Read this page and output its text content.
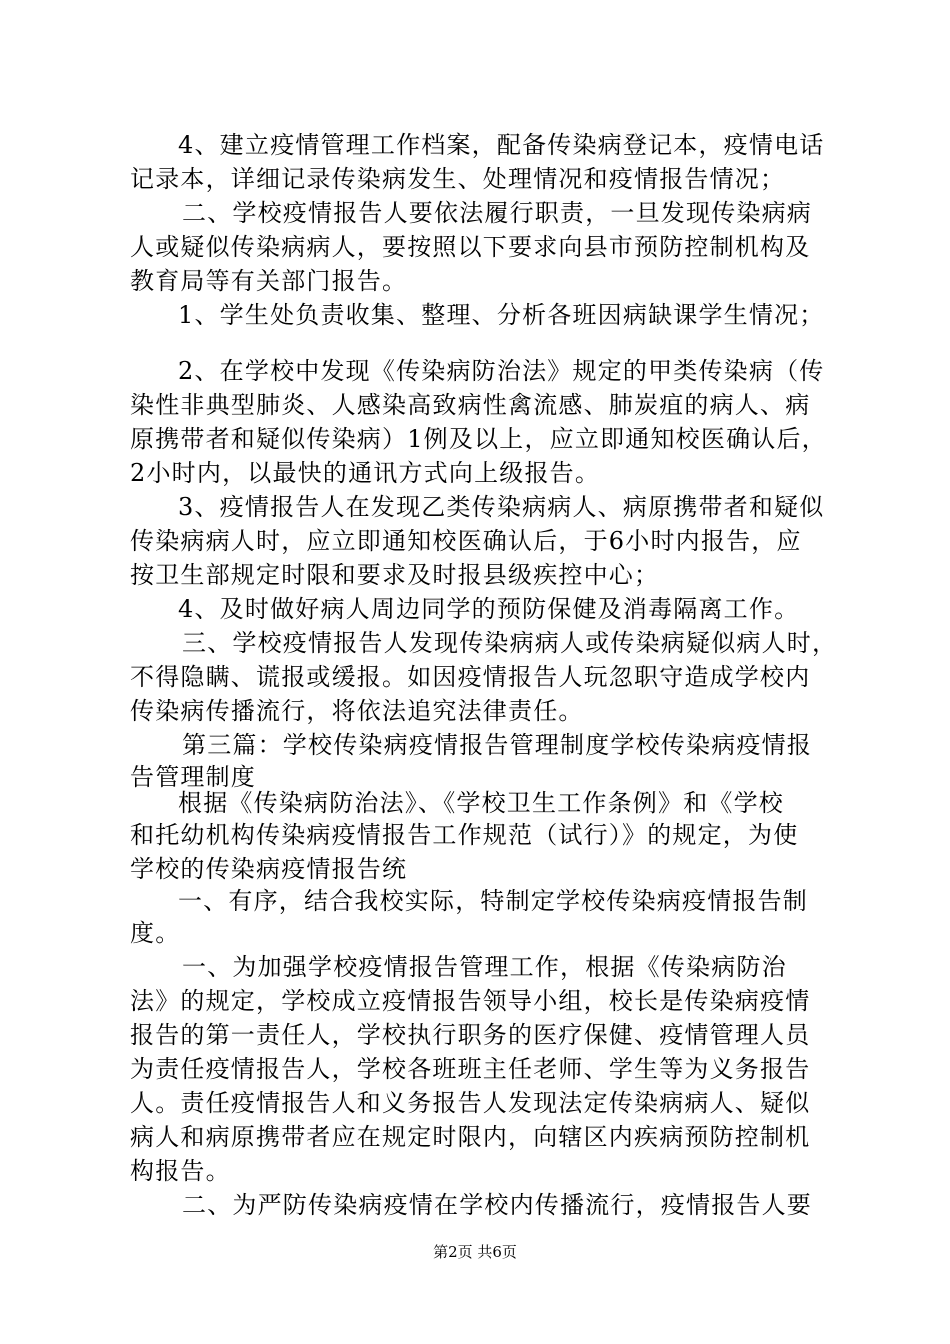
4、建立疫情管理工作档案，配备传染病登记本，疫情电话
记录本，详细记录传染病发生、处理情况和疫情报告情况；
二、学校疫情报告人要依法履行职责，一旦发现传染病病
人或疑似传染病病人，要按照以下要求向县市预防控制机构及
教育局等有关部门报告。
1、学生处负责收集、整理、分析各班因病缺课学生情况；
2、在学校中发现《传染病防治法》规定的甲类传染病（传
染性非典型肺炎、人感染高致病性禽流感、肺炭疽的病人、病
原携带者和疑似传染病）1例及以上，应立即通知校医确认后，
2小时内，以最快的通讯方式向上级报告。
3、疫情报告人在发现乙类传染病病人、病原携带者和疑似
传染病病人时，应立即通知校医确认后，于6小时内报告，应
按卫生部规定时限和要求及时报县级疾控中心；
4、及时做好病人周边同学的预防保健及消毒隔离工作。
三、学校疫情报告人发现传染病病人或传染病疑似病人时，
不得隐瞒、谎报或缓报。如因疫情报告人玩忽职守造成学校内
传染病传播流行，将依法追究法律责任。
第三篇：学校传染病疫情报告管理制度学校传染病疫情报
告管理制度
根据《传染病防治法》、《学校卫生工作条例》和《学校
和托幼机构传染病疫情报告工作规范（试行）》的规定，为使
学校的传染病疫情报告统
一、有序，结合我校实际，特制定学校传染病疫情报告制
度。
一、为加强学校疫情报告管理工作，根据《传染病防治
法》的规定，学校成立疫情报告领导小组，校长是传染病疫情
报告的第一责任人，学校执行职务的医疗保健、疫情管理人员
为责任疫情报告人，学校各班班主任老师、学生等为义务报告
人。责任疫情报告人和义务报告人发现法定传染病病人、疑似
病人和病原携带者应在规定时限内，向辖区内疾病预防控制机
构报告。
二、为严防传染病疫情在学校内传播流行，疫情报告人要
第2页 共6页
